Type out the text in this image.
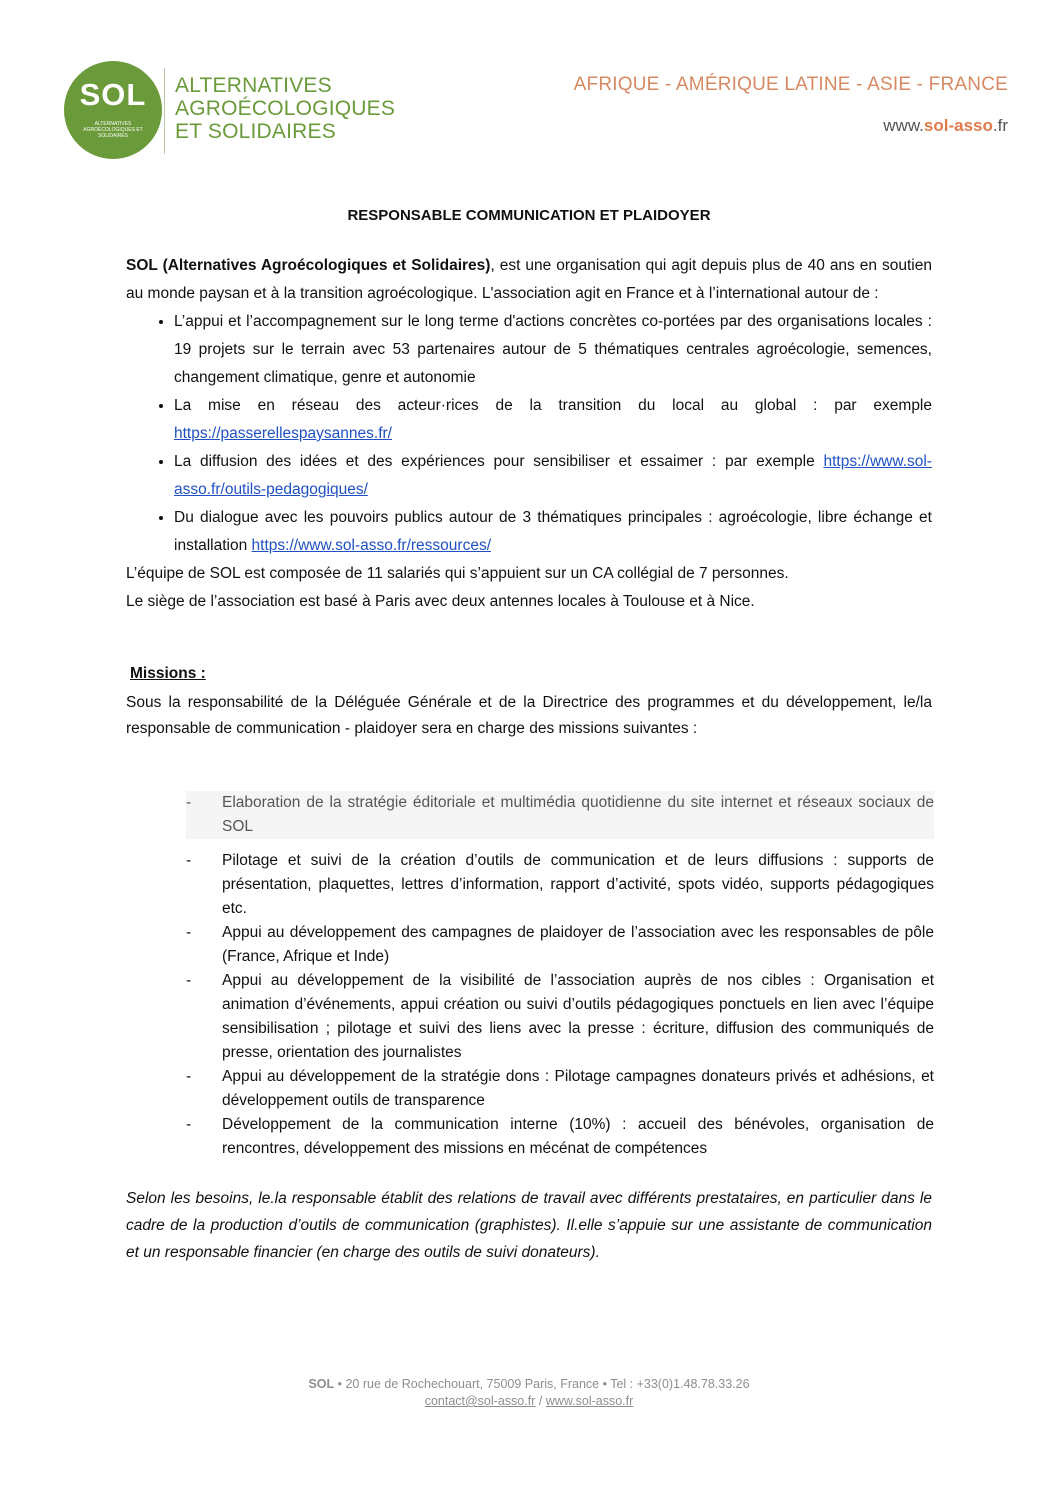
SOL
ALTERNATIVES AGROÉCOLOGIQUES ET SOLIDAIRES
ALTERNATIVES
AGROÉCOLOGIQUES
ET SOLIDAIRES
AFRIQUE - AMÉRIQUE LATINE - ASIE - FRANCE
www.sol-asso.fr
RESPONSABLE COMMUNICATION ET PLAIDOYER

SOL (Alternatives Agroécologiques et Solidaires), est une organisation qui agit depuis plus de 40 ans en soutien au monde paysan et à la transition agroécologique. L'association agit en France et à l’international autour de :

• L’appui et l’accompagnement sur le long terme d'actions concrètes co-portées par des organisations locales : 19 projets sur le terrain avec 53 partenaires autour de 5 thématiques centrales agroécologie, semences, changement climatique, genre et autonomie
• La mise en réseau des acteur·rices de la transition du local au global : par exemple https://passerellespaysannes.fr/
• La diffusion des idées et des expériences pour sensibiliser et essaimer : par exemple https://www.sol-asso.fr/outils-pedagogiques/
• Du dialogue avec les pouvoirs publics autour de 3 thématiques principales : agroécologie, libre échange et installation https://www.sol-asso.fr/ressources/

L’équipe de SOL est composée de 11 salariés qui s’appuient sur un CA collégial de 7 personnes.

Le siège de l’association est basé à Paris avec deux antennes locales à Toulouse et à Nice.

Missions :
Sous la responsabilité de la Déléguée Générale et de la Directrice des programmes et du développement, le/la responsable de communication - plaidoyer sera en charge des missions suivantes :
-	Elaboration de la stratégie éditoriale et multimédia quotidienne du site internet et réseaux sociaux de SOL
-	Pilotage et suivi de la création d’outils de communication et de leurs diffusions : supports de présentation, plaquettes, lettres d’information, rapport d’activité, spots vidéo, supports pédagogiques etc.
-	Appui au développement des campagnes de plaidoyer de l’association avec les responsables de pôle (France, Afrique et Inde)
-	Appui au développement de la visibilité de l’association auprès de nos cibles : Organisation et animation d’événements, appui création ou suivi d’outils pédagogiques ponctuels en lien avec l’équipe sensibilisation ; pilotage et suivi des liens avec la presse : écriture, diffusion des communiqués de presse, orientation des journalistes
-	Appui au développement de la stratégie dons : Pilotage campagnes donateurs privés et adhésions, et développement outils de transparence
-	Développement de la communication interne (10%) : accueil des bénévoles, organisation de rencontres, développement des missions en mécénat de compétences
Selon les besoins, le.la responsable établit des relations de travail avec différents prestataires, en particulier dans le cadre de la production d’outils de communication (graphistes). Il.elle s’appuie sur une assistante de communication et un responsable financier (en charge des outils de suivi donateurs).
SOL • 20 rue de Rochechouart, 75009 Paris, France • Tel : +33(0)1.48.78.33.26
contact@sol-asso.fr / www.sol-asso.fr
